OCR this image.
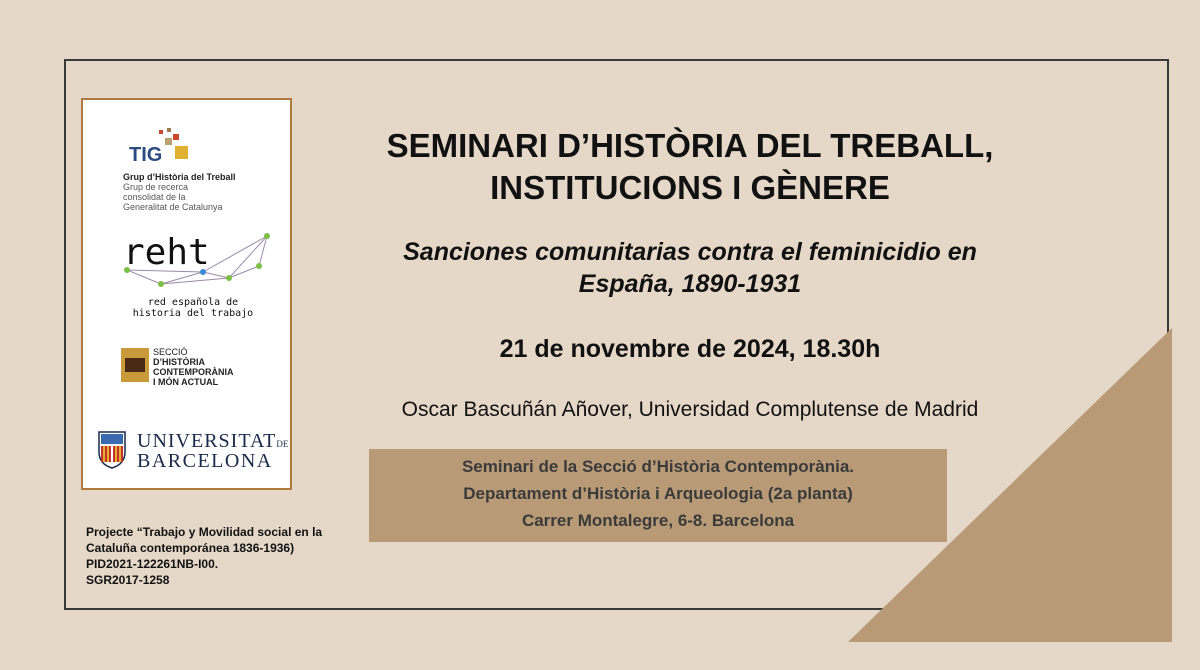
TIG
Grup d’Història del Treball
Grup de recerca
consolidat de la
Generalitat de Catalunya
reht
red española de
historia del trabajo
SECCIÓ
D’HISTÒRIA
CONTEMPORÀNIA
I MÓN ACTUAL
UNIVERSITATDE
BARCELONA
SEMINARI D’HISTÒRIA DEL TREBALL,
INSTITUCIONS I GÈNERE
Sanciones comunitarias contra el feminicidio en
España, 1890-1931
21 de novembre de 2024, 18.30h
Oscar Bascuñán Añover, Universidad Complutense de Madrid
Seminari de la Secció d’Història Contemporània.
Departament d’Història i Arqueologia (2a planta)
Carrer Montalegre, 6-8. Barcelona
Projecte “Trabajo y Movilidad social en la
Cataluña contemporánea 1836-1936)
PID2021-122261NB-I00.
SGR2017-1258
